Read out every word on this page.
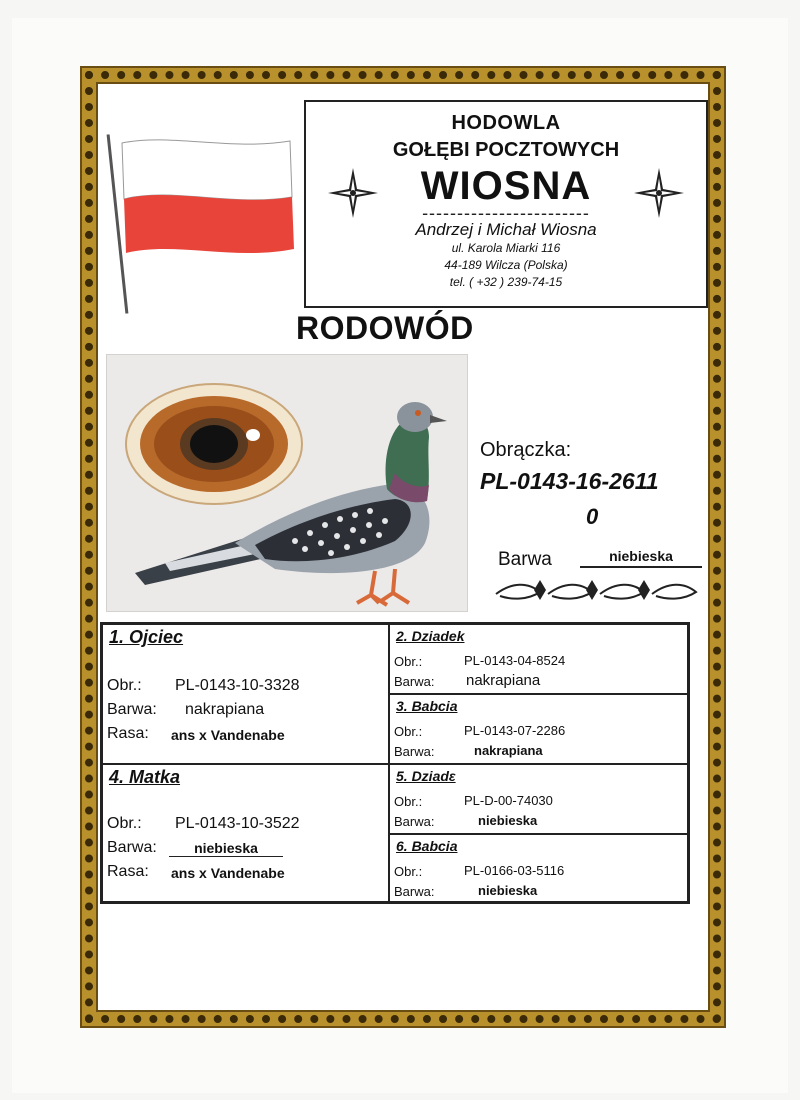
HODOWLA
GOŁĘBI POCZTOWYCH
WIOSNA
------------------------
Andrzej i Michał Wiosna
ul. Karola Miarki 116
44-189 Wilcza (Polska)
tel. ( +32 ) 239-74-15
RODOWÓD
Obrączka:
PL-0143-16-2611
0
Barwa	niebieska
1. Ojciec
Obr.: PL-0143-10-3328
Barwa: nakrapiana
Rasa: ans x Vandenabe
4. Matka
Obr.: PL-0143-10-3522
Barwa:	niebieska
Rasa: ans x Vandenabe
2. Dziadek
Obr.:	PL-0143-04-8524
Barwa: nakrapiana
3. Babcia
Obr.:	PL-0143-07-2286
Barwa:	nakrapiana
5. Dziadε
Obr.:	PL-D-00-74030
Barwa:	niebieska
6. Babcia
Obr.:	PL-0166-03-5116
Barwa:	niebieska
